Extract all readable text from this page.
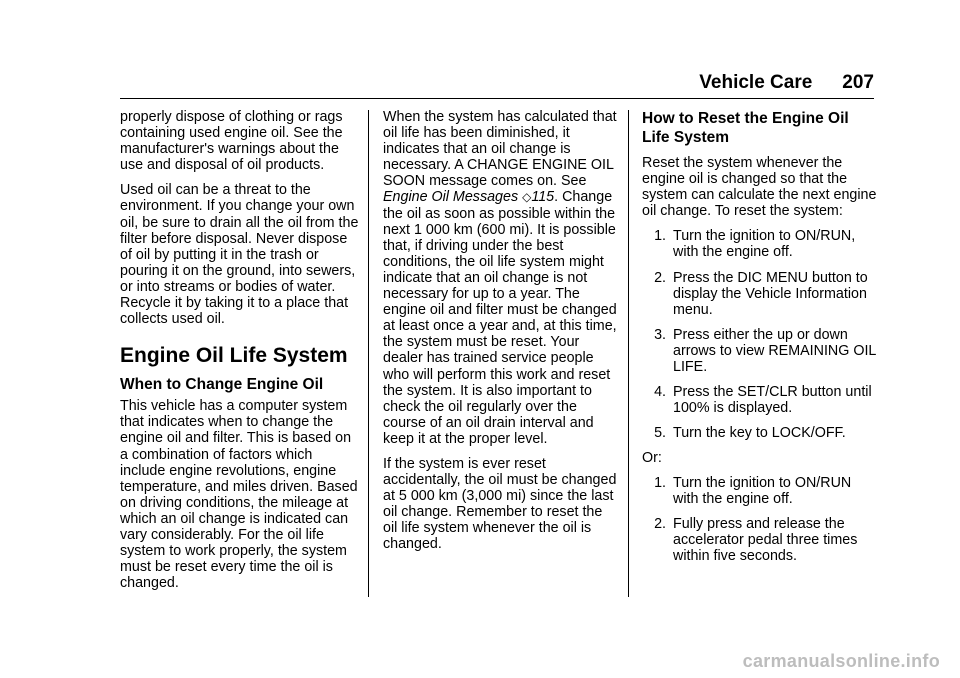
Vehicle Care 207

properly dispose of clothing or rags containing used engine oil. See the manufacturer's warnings about the use and disposal of oil products.

Used oil can be a threat to the environment. If you change your own oil, be sure to drain all the oil from the filter before disposal. Never dispose of oil by putting it in the trash or pouring it on the ground, into sewers, or into streams or bodies of water. Recycle it by taking it to a place that collects used oil.

Engine Oil Life System
When to Change Engine Oil

This vehicle has a computer system that indicates when to change the engine oil and filter. This is based on a combination of factors which include engine revolutions, engine temperature, and miles driven. Based on driving conditions, the mileage at which an oil change is indicated can vary considerably. For the oil life system to work properly, the system must be reset every time the oil is changed.

When the system has calculated that oil life has been diminished, it indicates that an oil change is necessary. A CHANGE ENGINE OIL SOON message comes on. See Engine Oil Messages ◇115. Change the oil as soon as possible within the next 1 000 km (600 mi). It is possible that, if driving under the best conditions, the oil life system might indicate that an oil change is not necessary for up to a year. The engine oil and filter must be changed at least once a year and, at this time, the system must be reset. Your dealer has trained service people who will perform this work and reset the system. It is also important to check the oil regularly over the course of an oil drain interval and keep it at the proper level.

If the system is ever reset accidentally, the oil must be changed at 5 000 km (3,000 mi) since the last oil change. Remember to reset the oil life system whenever the oil is changed.

How to Reset the Engine Oil Life System

Reset the system whenever the engine oil is changed so that the system can calculate the next engine oil change. To reset the system:

1. Turn the ignition to ON/RUN, with the engine off.
2. Press the DIC MENU button to display the Vehicle Information menu.
3. Press either the up or down arrows to view REMAINING OIL LIFE.
4. Press the SET/CLR button until 100% is displayed.
5. Turn the key to LOCK/OFF.
Or:
1. Turn the ignition to ON/RUN with the engine off.
2. Fully press and release the accelerator pedal three times within five seconds.
carmanualsonline.info
